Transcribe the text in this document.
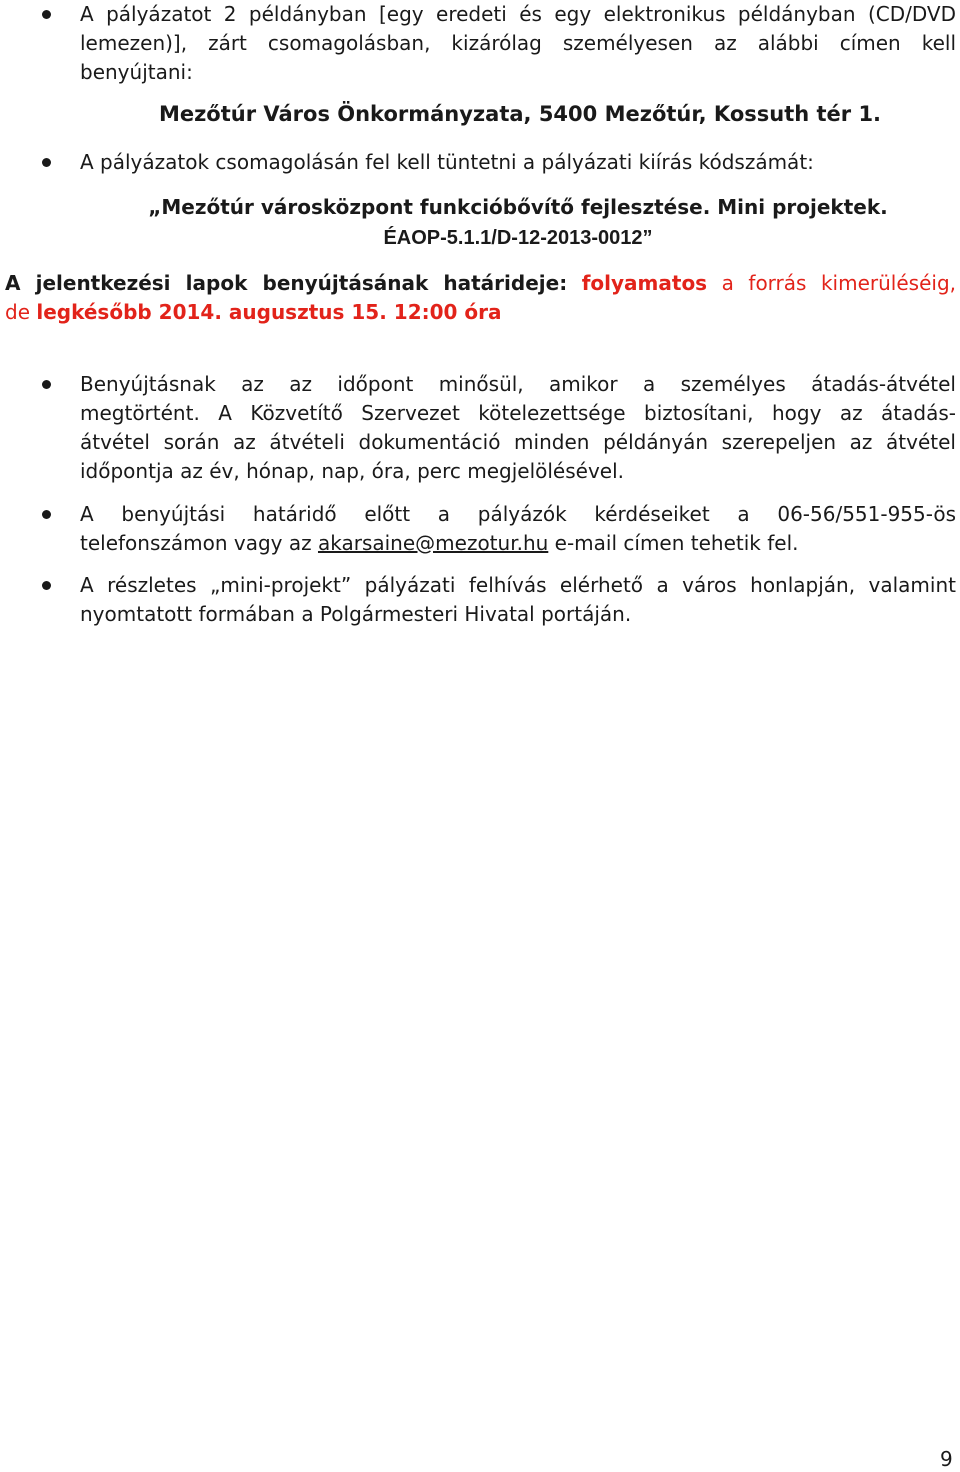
A pályázatot 2 példányban [egy eredeti és egy elektronikus példányban (CD/DVD
lemezen)], zárt csomagolásban, kizárólag személyesen az alábbi címen kell
benyújtani:
Mezőtúr Város Önkormányzata, 5400 Mezőtúr, Kossuth tér 1.
A pályázatok csomagolásán fel kell tüntetni a pályázati kiírás kódszámát:
„Mezőtúr városközpont funkcióbővítő fejlesztése. Mini projektek.
ÉAOP-5.1.1/D-12-2013-0012”
A jelentkezési lapok benyújtásának határideje: folyamatos a forrás kimerüléséig,
de legkésőbb 2014. augusztus 15. 12:00 óra
Benyújtásnak az az időpont minősül, amikor a személyes átadás-átvétel
megtörtént. A Közvetítő Szervezet kötelezettsége biztosítani, hogy az átadás-
átvétel során az átvételi dokumentáció minden példányán szerepeljen az átvétel
időpontja az év, hónap, nap, óra, perc megjelölésével.
A benyújtási határidő előtt a pályázók kérdéseiket a 06-56/551-955-ös
telefonszámon vagy az akarsaine@mezotur.hu e-mail címen tehetik fel.
A részletes „mini-projekt” pályázati felhívás elérhető a város honlapján, valamint
nyomtatott formában a Polgármesteri Hivatal portáján.
9
